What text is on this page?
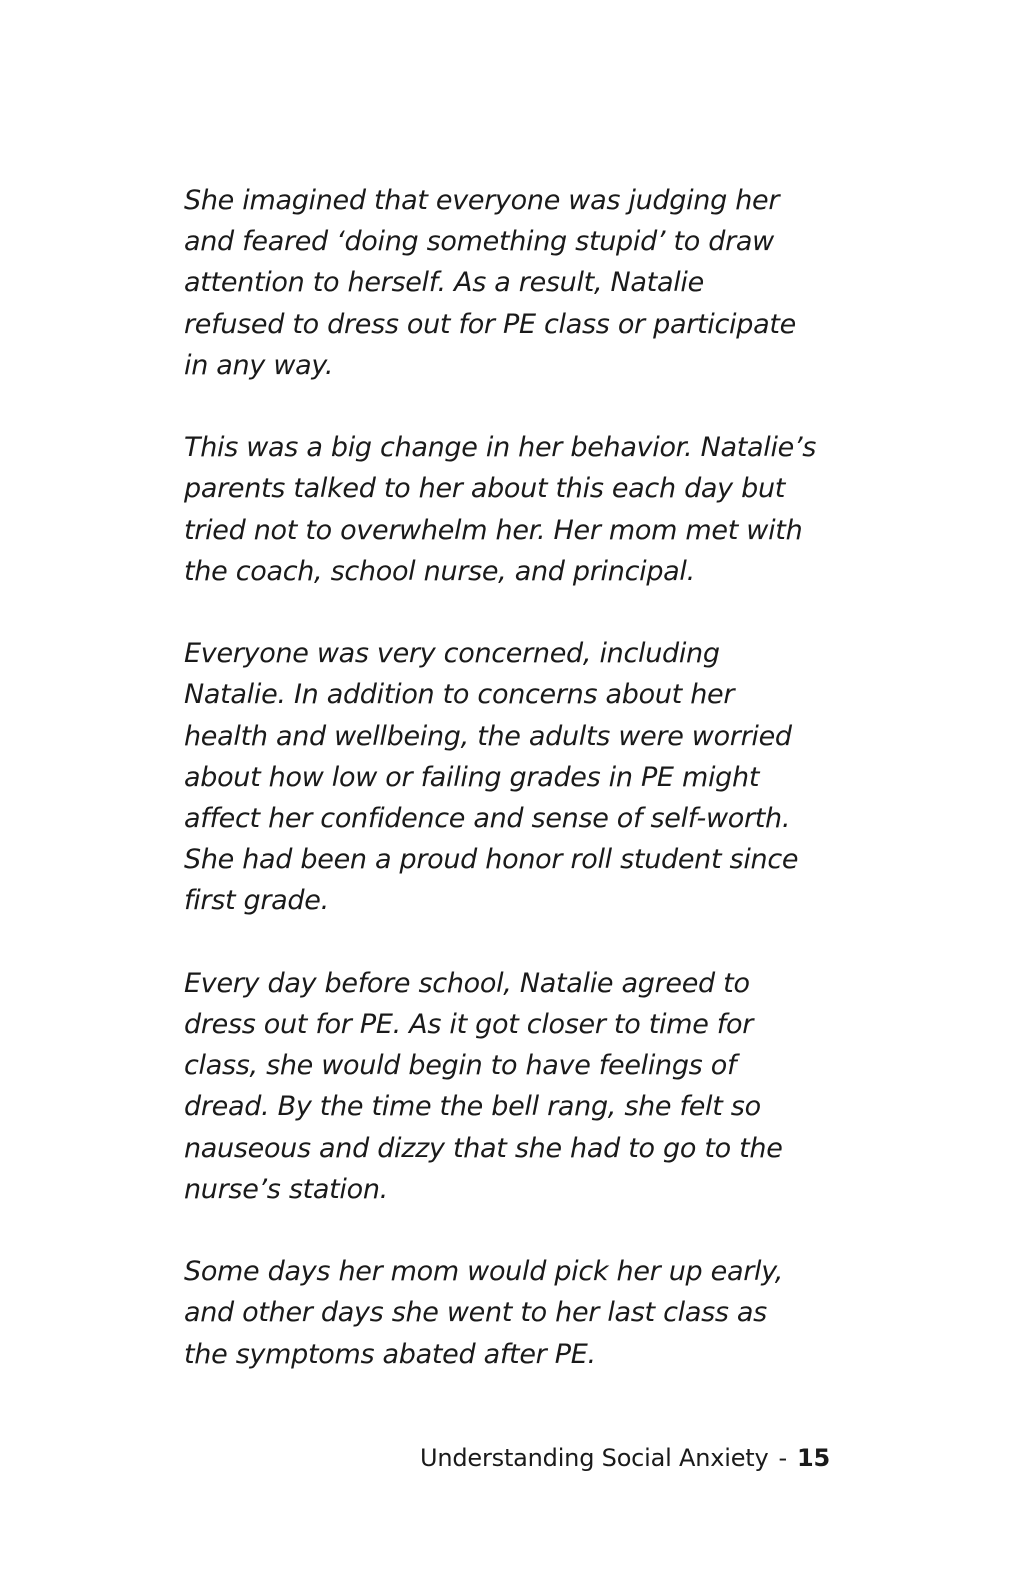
She imagined that everyone was judging her
and feared ‘doing something stupid’ to draw
attention to herself. As a result, Natalie
refused to dress out for PE class or participate
in any way.

This was a big change in her behavior. Natalie’s
parents talked to her about this each day but
tried not to overwhelm her. Her mom met with
the coach, school nurse, and principal.

Everyone was very concerned, including
Natalie. In addition to concerns about her
health and wellbeing, the adults were worried
about how low or failing grades in PE might
affect her confidence and sense of self-worth.
She had been a proud honor roll student since
first grade.

Every day before school, Natalie agreed to
dress out for PE. As it got closer to time for
class, she would begin to have feelings of
dread. By the time the bell rang, she felt so
nauseous and dizzy that she had to go to the
nurse’s station.

Some days her mom would pick her up early,
and other days she went to her last class as
the symptoms abated after PE.

Understanding Social Anxiety - 15
